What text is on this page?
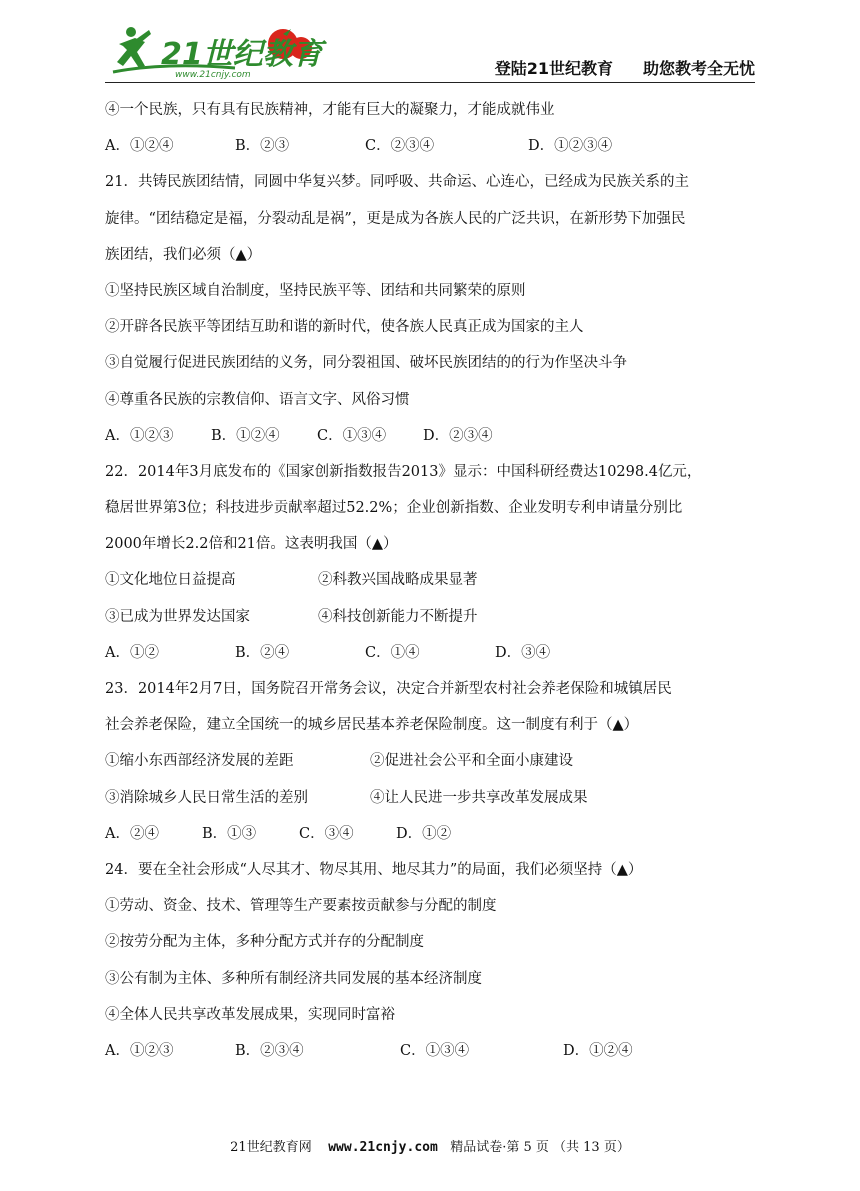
21世纪教育
www.21cnjy.com	登陆21世纪教育 助您教考全无忧
④一个民族，只有具有民族精神，才能有巨大的凝聚力，才能成就伟业
A．①②④	B．②③	C．②③④	D．①②③④
21．共铸民族团结情，同圆中华复兴梦。同呼吸、共命运、心连心，已经成为民族关系的主
旋律。“团结稳定是福，分裂动乱是祸”，更是成为各族人民的广泛共识，在新形势下加强民
族团结，我们必须（▲）
①坚持民族区域自治制度，坚持民族平等、团结和共同繁荣的原则
②开辟各民族平等团结互助和谐的新时代，使各族人民真正成为国家的主人
③自觉履行促进民族团结的义务，同分裂祖国、破坏民族团结的的行为作坚决斗争
④尊重各民族的宗教信仰、语言文字、风俗习惯
A．①②③	B．①②④	C．①③④	D．②③④
22．2014年3月底发布的《国家创新指数报告2013》显示：中国科研经费达10298.4亿元，
稳居世界第3位；科技进步贡献率超过52.2%；企业创新指数、企业发明专利申请量分别比
2000年增长2.2倍和21倍。这表明我国（▲）
①文化地位日益提高	②科教兴国战略成果显著
③已成为世界发达国家	④科技创新能力不断提升
A．①②	B．②④	C．①④	D．③④
23．2014年2月7日，国务院召开常务会议，决定合并新型农村社会养老保险和城镇居民
社会养老保险，建立全国统一的城乡居民基本养老保险制度。这一制度有利于（▲）
①缩小东西部经济发展的差距	②促进社会公平和全面小康建设
③消除城乡人民日常生活的差别	④让人民进一步共享改革发展成果
A．②④	B．①③	C．③④	D．①②
24．要在全社会形成“人尽其才、物尽其用、地尽其力”的局面，我们必须坚持（▲）
①劳动、资金、技术、管理等生产要素按贡献参与分配的制度
②按劳分配为主体，多种分配方式并存的分配制度
③公有制为主体、多种所有制经济共同发展的基本经济制度
④全体人民共享改革发展成果，实现同时富裕
A．①②③	B．②③④	C．①③④	D．①②④
21世纪教育网 www.21cnjy.com 精品试卷·第 5 页 （共 13 页）
